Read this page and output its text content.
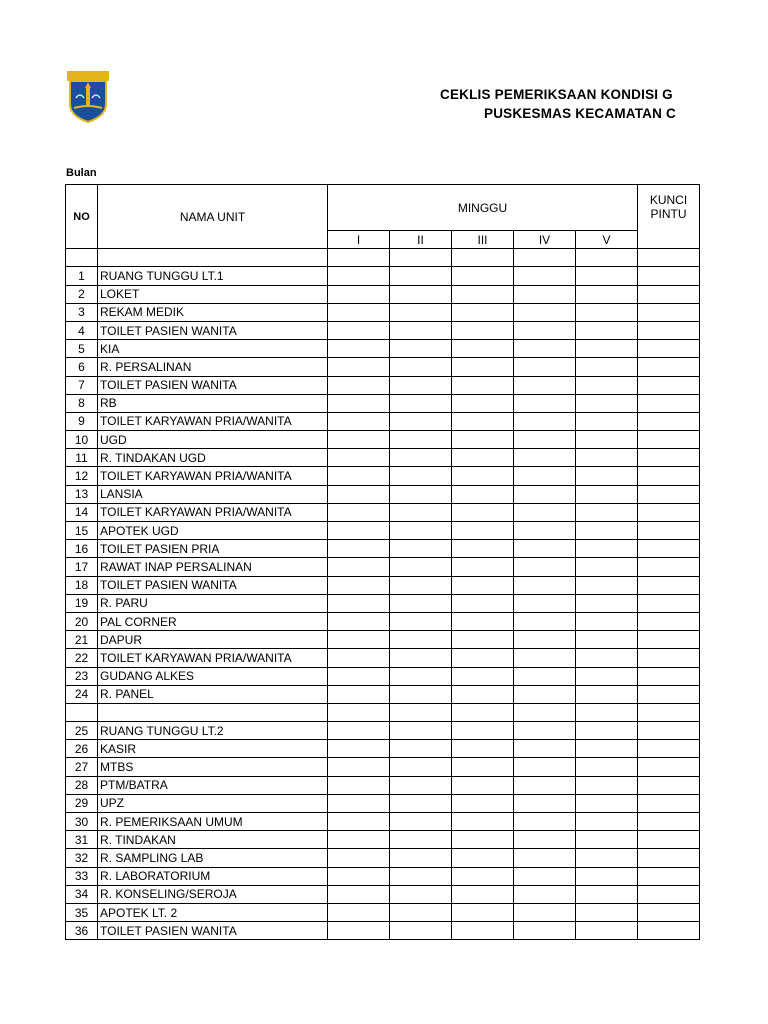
CEKLIS PEMERIKSAAN KONDISI G
PUSKESMAS KECAMATAN C
Bulan
NO	NAMA UNIT	MINGGU					KUNCI
PINTU
		I	II	III	IV	V	

1	RUANG TUNGGU LT.1						
2	LOKET						
3	REKAM MEDIK						
4	TOILET PASIEN WANITA						
5	KIA						
6	R. PERSALINAN						
7	TOILET PASIEN WANITA						
8	RB						
9	TOILET KARYAWAN PRIA/WANITA						
10	UGD						
11	R. TINDAKAN UGD						
12	TOILET KARYAWAN PRIA/WANITA						
13	LANSIA						
14	TOILET KARYAWAN PRIA/WANITA						
15	APOTEK UGD						
16	TOILET PASIEN PRIA						
17	RAWAT INAP PERSALINAN						
18	TOILET PASIEN WANITA						
19	R. PARU						
20	PAL CORNER						
21	DAPUR						
22	TOILET KARYAWAN PRIA/WANITA						
23	GUDANG ALKES						
24	R. PANEL						

25	RUANG TUNGGU LT.2						
26	KASIR						
27	MTBS						
28	PTM/BATRA						
29	UPZ						
30	R. PEMERIKSAAN UMUM						
31	R. TINDAKAN						
32	R. SAMPLING LAB						
33	R. LABORATORIUM						
34	R. KONSELING/SEROJA						
35	APOTEK LT. 2						
36	TOILET PASIEN WANITA						
